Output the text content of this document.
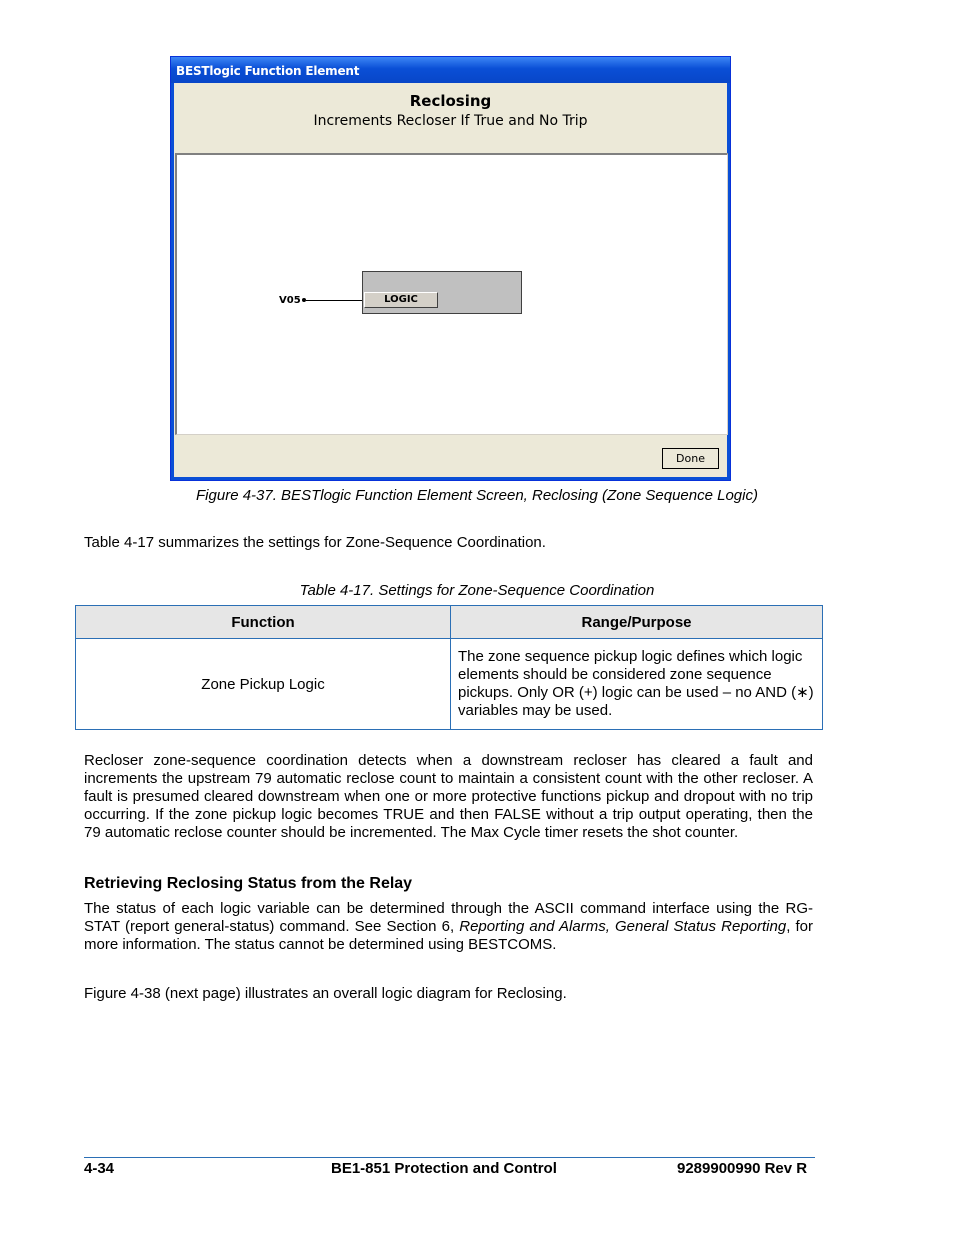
BESTlogic Function Element
Reclosing
Increments Recloser If True and No Trip
V05	LOGIC
Done
Figure 4-37. BESTlogic Function Element Screen, Reclosing (Zone Sequence Logic)
Table 4-17 summarizes the settings for Zone-Sequence Coordination.
Table 4-17. Settings for Zone-Sequence Coordination
Function	Range/Purpose
Zone Pickup Logic	The zone sequence pickup logic defines which logic elements should be considered zone sequence pickups. Only OR (+) logic can be used – no AND (∗) variables may be used.
Recloser zone-sequence coordination detects when a downstream recloser has cleared a fault and increments the upstream 79 automatic reclose count to maintain a consistent count with the other recloser. A fault is presumed cleared downstream when one or more protective functions pickup and dropout with no trip occurring. If the zone pickup logic becomes TRUE and then FALSE without a trip output operating, then the 79 automatic reclose counter should be incremented. The Max Cycle timer resets the shot counter.
Retrieving Reclosing Status from the Relay
The status of each logic variable can be determined through the ASCII command interface using the RG-STAT (report general-status) command. See Section 6, Reporting and Alarms, General Status Reporting, for more information. The status cannot be determined using BESTCOMS.
Figure 4-38 (next page) illustrates an overall logic diagram for Reclosing.
4-34	BE1-851 Protection and Control	9289900990 Rev R
